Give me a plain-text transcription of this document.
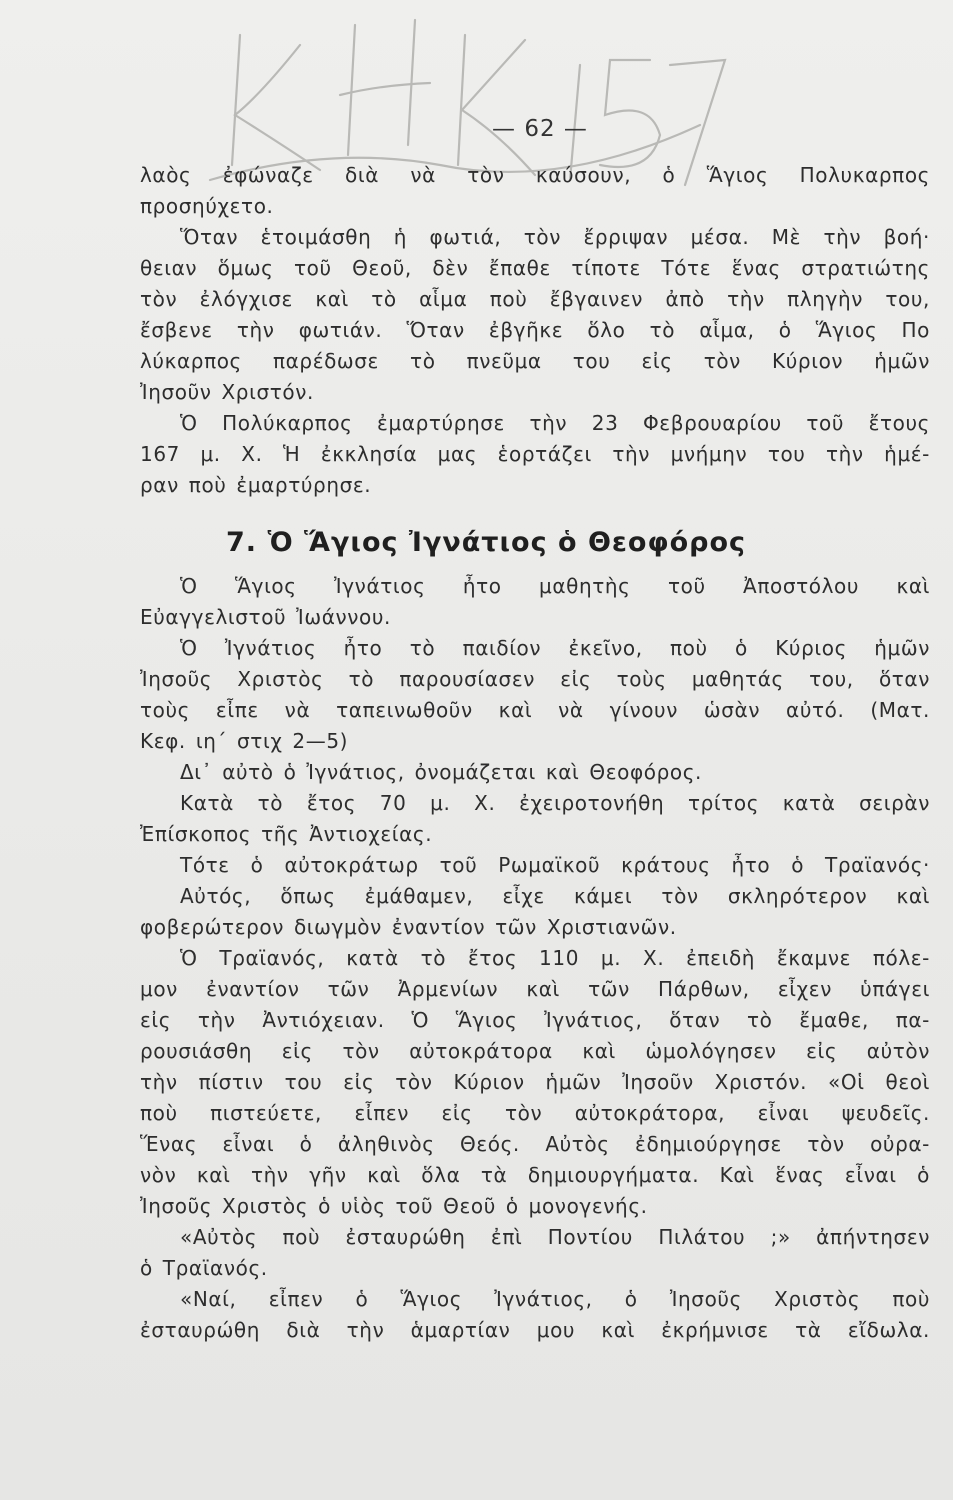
— 62 —
λαὸς ἐφώναζε διὰ νὰ τὸν καύσουν, ὁ Ἅγιος Πολυκαρπος
προσηύχετο.
Ὅταν ἑτοιμάσθη ἡ φωτιά, τὸν ἔρριψαν μέσα. Μὲ τὴν βοή·
θειαν ὅμως τοῦ Θεοῦ, δὲν ἔπαθε τίποτε Τότε ἕνας στρατιώτης
τὸν ἐλόγχισε καὶ τὸ αἷμα ποὺ ἔβγαινεν ἀπὸ τὴν πληγὴν του,
ἔσβενε τὴν φωτιάν. Ὅταν ἐβγῆκε ὅλο τὸ αἷμα, ὁ Ἅγιος Πο
λύκαρπος παρέδωσε τὸ πνεῦμα του εἰς τὸν Κύριον ἡμῶν
Ἰησοῦν Χριστόν.
Ὁ Πολύκαρπος ἐμαρτύρησε τὴν 23 Φεβρουαρίου τοῦ ἔτους
167 μ. Χ. Ἡ ἐκκλησία μας ἑορτάζει τὴν μνήμην του τὴν ἡμέ-
ραν ποὺ ἐμαρτύρησε.
7. Ὁ Ἅγιος Ἰγνάτιος ὁ Θεοφόρος
Ὁ Ἅγιος Ἰγνάτιος ἦτο μαθητὴς τοῦ Ἀποστόλου καὶ
Εὐαγγελιστοῦ Ἰωάννου.
Ὁ Ἰγνάτιος ἦτο τὸ παιδίον ἐκεῖνο, ποὺ ὁ Κύριος ἡμῶν
Ἰησοῦς Χριστὸς τὸ παρουσίασεν εἰς τοὺς μαθητάς του, ὅταν
τοὺς εἶπε νὰ ταπεινωθοῦν καὶ νὰ γίνουν ὡσὰν αὐτό. (Ματ.
Κεφ. ιη΄ στιχ 2—5)
Δι᾿ αὐτὸ ὁ Ἰγνάτιος, ὀνομάζεται καὶ Θεοφόρος.
Κατὰ τὸ ἔτος 70 μ. Χ. ἐχειροτονήθη τρίτος κατὰ σειρὰν
Ἐπίσκοπος τῆς Ἀντιοχείας.
Τότε ὁ αὐτοκράτωρ τοῦ Ρωμαϊκοῦ κράτους ἦτο ὁ Τραϊανός·
Αὐτός, ὅπως ἐμάθαμεν, εἶχε κάμει τὸν σκληρότερον καὶ
φοβερώτερον διωγμὸν ἐναντίον τῶν Χριστιανῶν.
Ὁ Τραϊανός, κατὰ τὸ ἔτος 110 μ. Χ. ἐπειδὴ ἔκαμνε πόλε-
μον ἐναντίον τῶν Ἀρμενίων καὶ τῶν Πάρθων, εἶχεν ὑπάγει
εἰς τὴν Ἀντιόχειαν. Ὁ Ἅγιος Ἰγνάτιος, ὅταν τὸ ἔμαθε, πα-
ρουσιάσθη εἰς τὸν αὐτοκράτορα καὶ ὡμολόγησεν εἰς αὐτὸν
τὴν πίστιν του εἰς τὸν Κύριον ἡμῶν Ἰησοῦν Χριστόν. «Οἱ θεοὶ
ποὺ πιστεύετε, εἶπεν εἰς τὸν αὐτοκράτορα, εἶναι ψευδεῖς.
Ἕνας εἶναι ὁ ἀληθινὸς Θεός. Αὐτὸς ἐδημιούργησε τὸν οὐρα-
νὸν καὶ τὴν γῆν καὶ ὅλα τὰ δημιουργήματα. Καὶ ἕνας εἶναι ὁ
Ἰησοῦς Χριστὸς ὁ υἱὸς τοῦ Θεοῦ ὁ μονογενής.
«Αὐτὸς ποὺ ἐσταυρώθη ἐπὶ Ποντίου Πιλάτου ;» ἀπήντησεν
ὁ Τραϊανός.
«Ναί, εἶπεν ὁ Ἅγιος Ἰγνάτιος, ὁ Ἰησοῦς Χριστὸς ποὺ
ἐσταυρώθη διὰ τὴν ἁμαρτίαν μου καὶ ἐκρήμνισε τὰ εἴδωλα.
